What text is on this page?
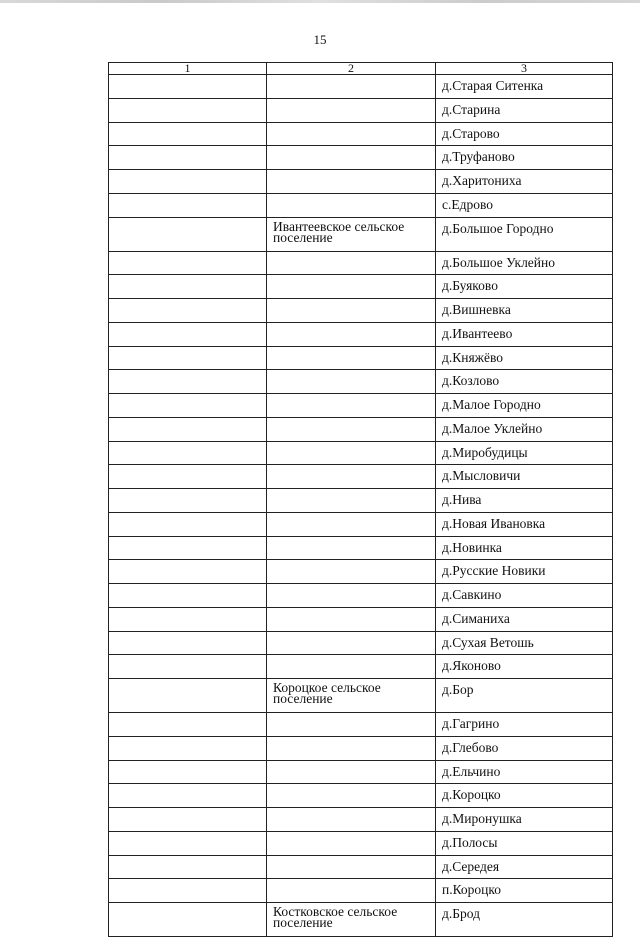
15
1	2	3
		д.Старая Ситенка
		д.Старина
		д.Старово
		д.Труфаново
		д.Харитониха
		с.Едрово
	Ивантеевское сельское поселение	д.Большое Городно
		д.Большое Уклейно
		д.Буяково
		д.Вишневка
		д.Ивантеево
		д.Княжёво
		д.Козлово
		д.Малое Городно
		д.Малое Уклейно
		д.Миробудицы
		д.Мысловичи
		д.Нива
		д.Новая Ивановка
		д.Новинка
		д.Русские Новики
		д.Савкино
		д.Симаниха
		д.Сухая Ветошь
		д.Яконово
	Короцкое сельское поселение	д.Бор
		д.Гагрино
		д.Глебово
		д.Ельчино
		д.Короцко
		д.Миронушка
		д.Полосы
		д.Середея
		п.Короцко
	Костковское сельское поселение	д.Брод
